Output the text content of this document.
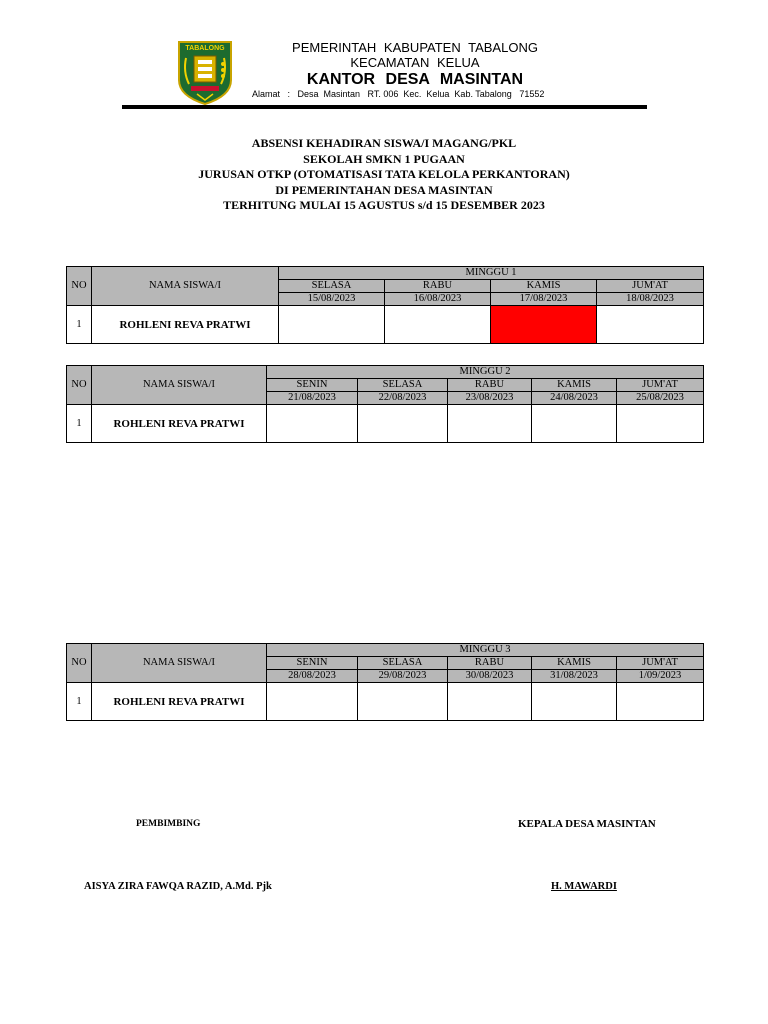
TABALONG	PEMERINTAH KABUPATEN TABALONG
KECAMATAN KELUA
KANTOR DESA MASINTAN
Alamat   :   Desa  Masintan   RT. 006  Kec.  Kelua  Kab. Tabalong   71552
ABSENSI KEHADIRAN SISWA/I MAGANG/PKL
SEKOLAH SMKN 1 PUGAAN
JURUSAN OTKP (OTOMATISASI TATA KELOLA PERKANTORAN)
DI PEMERINTAHAN DESA MASINTAN
TERHITUNG MULAI 15 AGUSTUS s/d 15 DESEMBER 2023
NO	NAMA SISWA/I	MINGGU 1			
		SELASA	RABU	KAMIS	JUM'AT
		15/08/2023	16/08/2023	17/08/2023	18/08/2023
1	ROHLENI REVA PRATWI				
NO	NAMA SISWA/I	MINGGU 2				
		SENIN	SELASA	RABU	KAMIS	JUM'AT
		21/08/2023	22/08/2023	23/08/2023	24/08/2023	25/08/2023
1	ROHLENI REVA PRATWI					
NO	NAMA SISWA/I	MINGGU 3				
		SENIN	SELASA	RABU	KAMIS	JUM'AT
		28/08/2023	29/08/2023	30/08/2023	31/08/2023	1/09/2023
1	ROHLENI REVA PRATWI					
PEMBIMBING	KEPALA DESA MASINTAN
AISYA ZIRA FAWQA RAZID, A.Md. Pjk	H. MAWARDI
